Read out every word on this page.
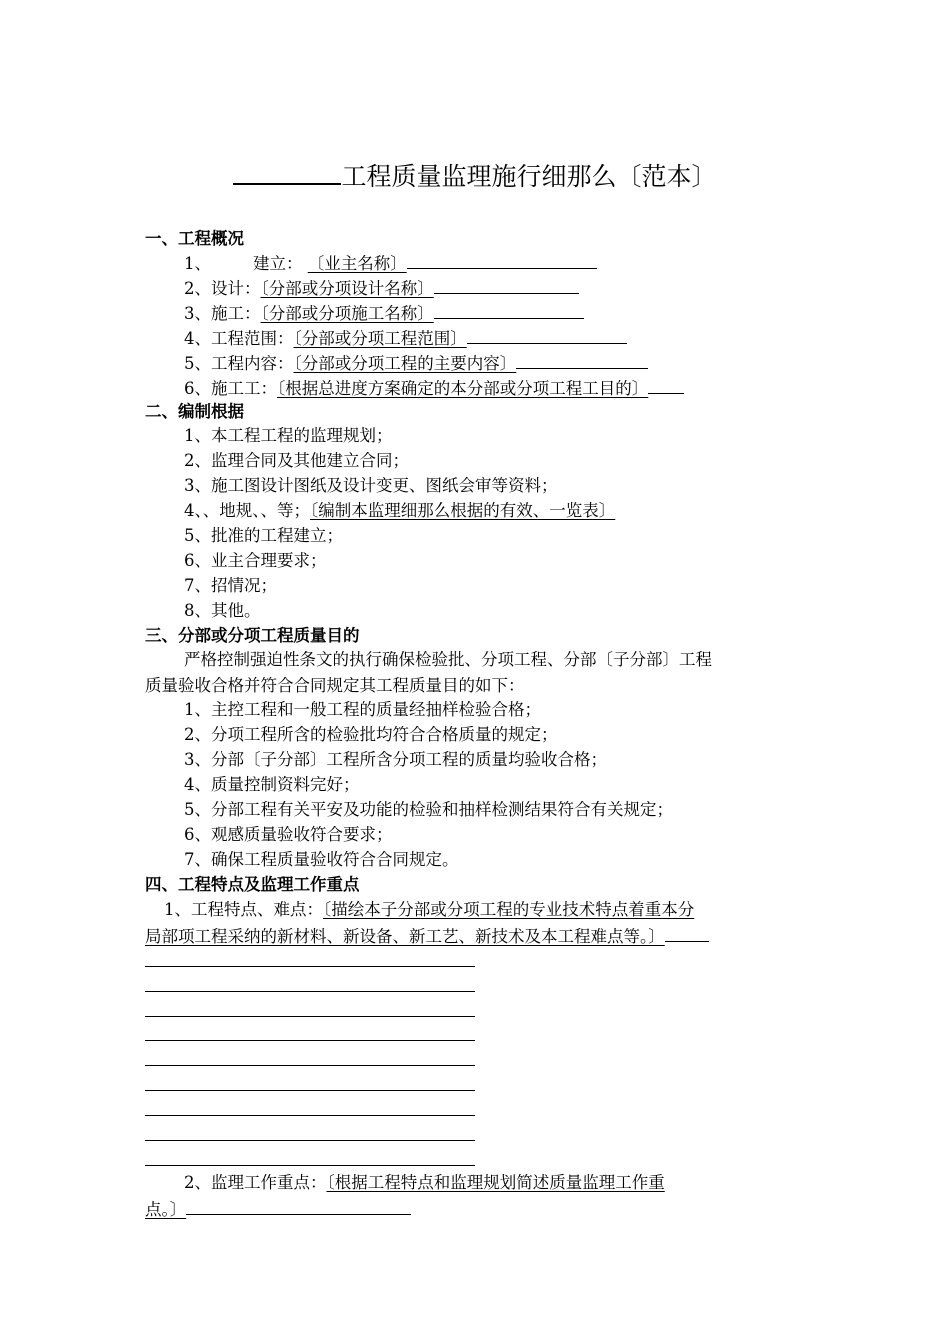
工程质量监理施行细那么〔范本〕
一、工程概况
1、        建立： 〔业主名称〕
2、设计：〔分部或分项设计名称〕
3、施工：〔分部或分项施工名称〕
4、工程范围：〔分部或分项工程范围〕
5、工程内容：〔分部或分项工程的主要内容〕
6、施工工：〔根据总进度方案确定的本分部或分项工程工目的〕
二、编制根据
1、本工程工程的监理规划；
2、监理合同及其他建立合同；
3、施工图设计图纸及设计变更、图纸会审等资料；
4、、地规、、等；〔编制本监理细那么根据的有效、一览表〕
5、批准的工程建立；
6、业主合理要求；
7、招情况；
8、其他。
三、分部或分项工程质量目的
严格控制强迫性条文的执行确保检验批、分项工程、分部〔子分部〕工程
质量验收合格并符合合同规定其工程质量目的如下：
1、主控工程和一般工程的质量经抽样检验合格；
2、分项工程所含的检验批均符合合格质量的规定；
3、分部〔子分部〕工程所含分项工程的质量均验收合格；
4、质量控制资料完好；
5、分部工程有关平安及功能的检验和抽样检测结果符合有关规定；
6、观感质量验收符合要求；
7、确保工程质量验收符合合同规定。
四、工程特点及监理工作重点
1、工程特点、难点：〔描绘本子分部或分项工程的专业技术特点着重本分
局部项工程采纳的新材料、新设备、新工艺、新技术及本工程难点等。〕
2、监理工作重点：〔根据工程特点和监理规划简述质量监理工作重
点。〕
